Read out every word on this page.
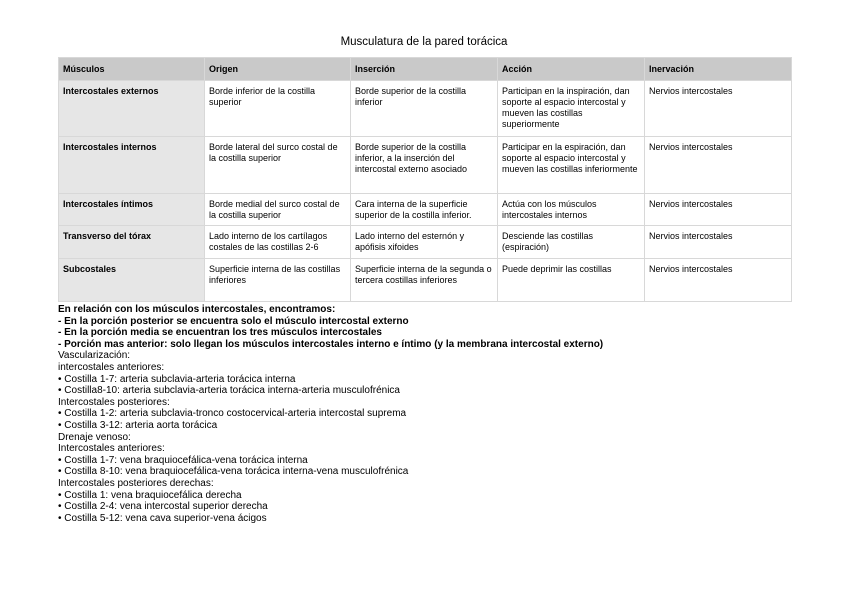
Musculatura de la pared torácica
Músculos	Origen	Inserción	Acción	Inervación
Intercostales externos	Borde inferior de la costilla superior	Borde superior de la costilla inferior	Participan en la inspiración, dan soporte al espacio intercostal y mueven las costillas superiormente	Nervios intercostales
Intercostales internos	Borde lateral del surco costal de la costilla superior	Borde superior de la costilla inferior, a la inserción del intercostal externo asociado	Participar en la espiración, dan soporte al espacio intercostal y mueven las costillas inferiormente	Nervios intercostales
Intercostales íntimos	Borde medial del surco costal de la costilla superior	Cara interna de la superficie superior de la costilla inferior.	Actúa con los músculos intercostales internos	Nervios intercostales
Transverso del tórax	Lado interno de los cartílagos costales de las costillas 2-6	Lado interno del esternón y apófisis xifoides	Desciende las costillas (espiración)	Nervios intercostales
Subcostales	Superficie interna de las costillas inferiores	Superficie interna de la segunda o tercera costillas inferiores	Puede deprimir las costillas	Nervios intercostales
En relación con los músculos intercostales, encontramos:
- En la porción posterior se encuentra solo el músculo intercostal externo
- En la porción media se encuentran los tres músculos intercostales
- Porción mas anterior: solo llegan los músculos intercostales interno e íntimo (y la membrana intercostal externo)
Vascularización:
intercostales anteriores:
• Costilla 1-7: arteria subclavia-arteria torácica interna
• Costilla8-10: arteria subclavia-arteria torácica interna-arteria musculofrénica
Intercostales posteriores:
• Costilla 1-2: arteria subclavia-tronco costocervical-arteria intercostal suprema
• Costilla 3-12: arteria aorta torácica
Drenaje venoso:
Intercostales anteriores:
• Costilla 1-7: vena braquiocefálica-vena torácica interna
• Costilla 8-10: vena braquiocefálica-vena torácica interna-vena musculofrénica
Intercostales posteriores derechas:
• Costilla 1: vena braquiocefálica derecha
• Costilla 2-4: vena intercostal superior derecha
• Costilla 5-12: vena cava superior-vena ácigos
